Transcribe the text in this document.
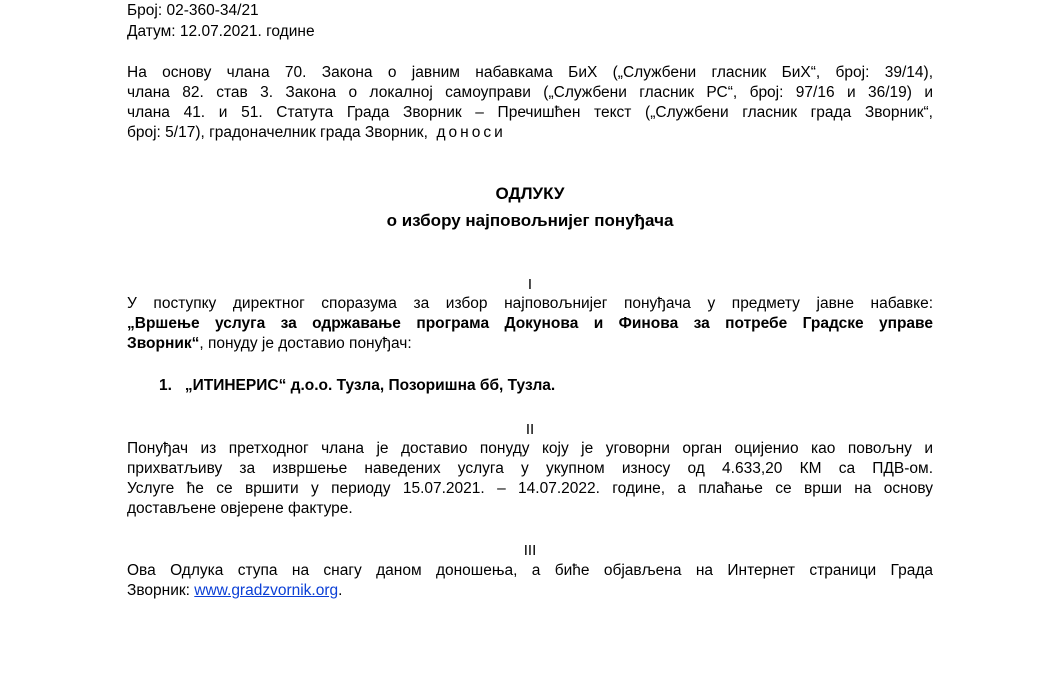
Број: 02-360-34/21
Датум: 12.07.2021. године
На основу члана 70. Закона о јавним набавкама БиХ („Службени гласник БиХ“, број: 39/14),
члана 82. став 3. Закона о локалној самоуправи („Службени гласник РС“, број: 97/16 и 36/19) и
члана 41. и 51. Статута Града Зворник – Пречишћен текст („Службени гласник града Зворник“,
број: 5/17), градоначелник града Зворник, доноси
ОДЛУКУ
о избору најповољнијег понуђача
I
У поступку директног споразума за избор најповољнијег понуђача у предмету јавне набавке:
„Вршење услуга за одржавање програма Докунова и Финова за потребе Градске управе
Зворник“, понуду је доставио понуђач:
1. „ИТИНЕРИС“ д.о.о. Тузла, Позоришна бб, Тузла.
II
Понуђач из претходног члана је доставио понуду коју је уговорни орган оцијенио као повољну и
прихватљиву за извршење наведених услуга у укупном износу од 4.633,20 КМ са ПДВ-ом.
Услуге ће се вршити у периоду 15.07.2021. – 14.07.2022. године, а плаћање се врши на основу
достављене овјерене фактуре.
III
Ова Одлука ступа на снагу даном доношења, а биће објављена на Интернет страници Града
Зворник: www.gradzvornik.org.
